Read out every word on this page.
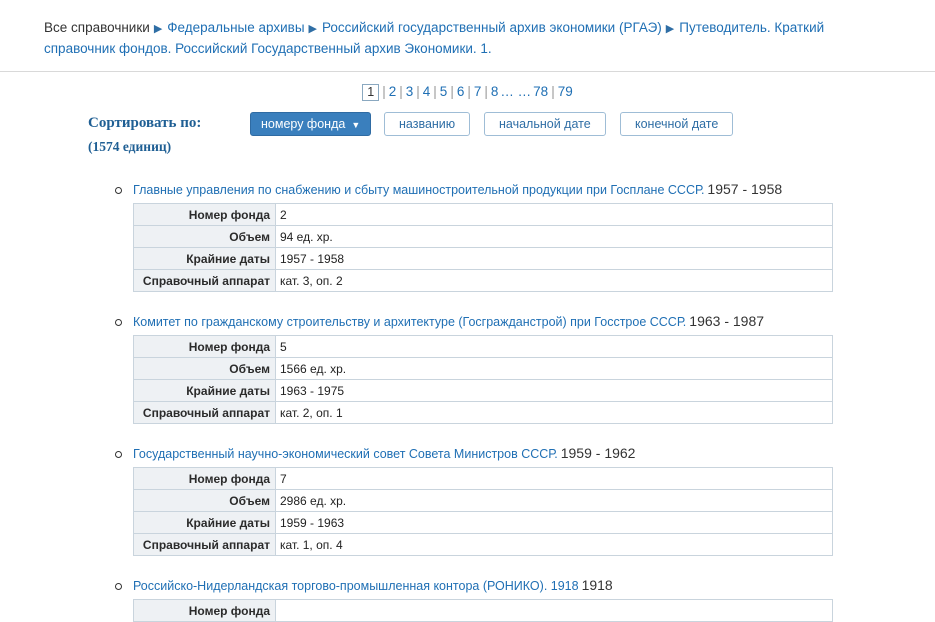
Все справочники ▶ Федеральные архивы ▶ Российский государственный архив экономики (РГАЭ) ▶ Путеводитель. Краткий справочник фондов. Российский Государственный архив Экономики. 1.
1 | 2 | 3 | 4 | 5 | 6 | 7 | 8 … … 78 | 79
Сортировать по:
(1574 единиц)
номеру фонда ▼	названию	начальной дате	конечной дате
Главные управления по снабжению и сбыту машиностроительной продукции при Госплане СССР. 1957 - 1958
Номер фонда	2
Объем	94 ед. хр.
Крайние даты	1957 - 1958
Справочный аппарат	кат. 3, оп. 2
Комитет по гражданскому строительству и архитектуре (Госгражданстрой) при Госстрое СССР. 1963 - 1987
Номер фонда	5
Объем	1566 ед. хр.
Крайние даты	1963 - 1975
Справочный аппарат	кат. 2, оп. 1
Государственный научно-экономический совет Совета Министров СССР. 1959 - 1962
Номер фонда	7
Объем	2986 ед. хр.
Крайние даты	1959 - 1963
Справочный аппарат	кат. 1, оп. 4
Российско-Нидерландская торгово-промышленная контора (РОНИКО). 1918 1918
Номер фонда	
